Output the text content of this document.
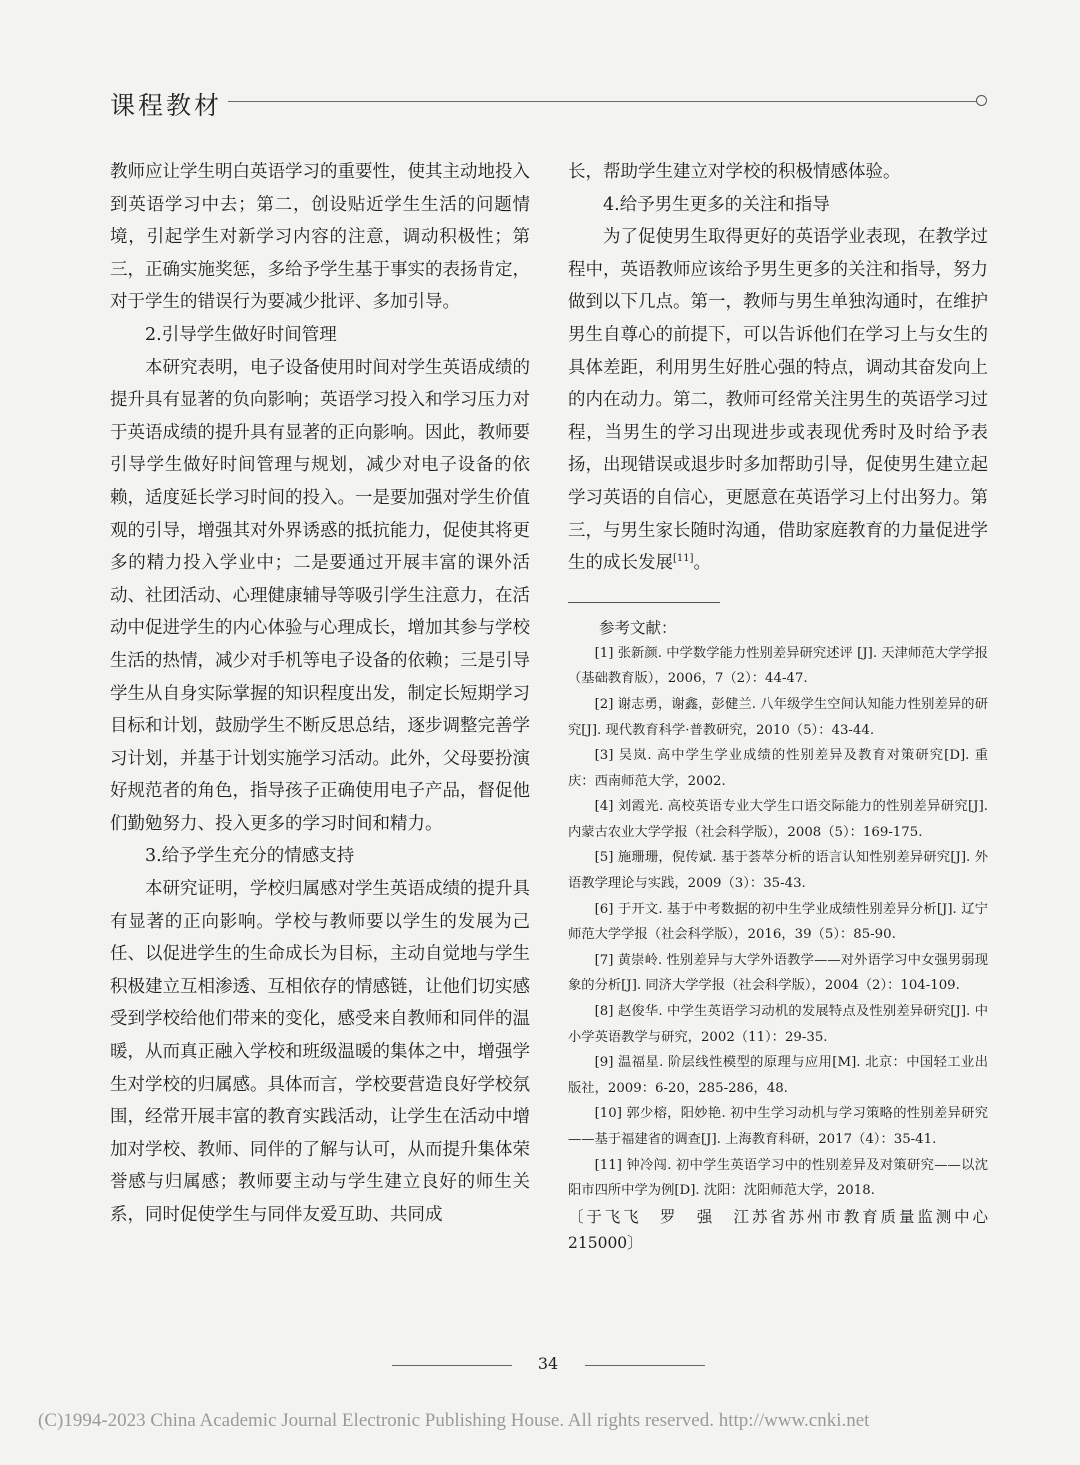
课程教材

教师应让学生明白英语学习的重要性，使其主动地投入到英语学习中去；第二，创设贴近学生生活的问题情境，引起学生对新学习内容的注意，调动积极性；第三，正确实施奖惩，多给予学生基于事实的表扬肯定，对于学生的错误行为要减少批评、多加引导。

2.引导学生做好时间管理

本研究表明，电子设备使用时间对学生英语成绩的提升具有显著的负向影响；英语学习投入和学习压力对于英语成绩的提升具有显著的正向影响。因此，教师要引导学生做好时间管理与规划，减少对电子设备的依赖，适度延长学习时间的投入。一是要加强对学生价值观的引导，增强其对外界诱惑的抵抗能力，促使其将更多的精力投入学业中；二是要通过开展丰富的课外活动、社团活动、心理健康辅导等吸引学生注意力，在活动中促进学生的内心体验与心理成长，增加其参与学校生活的热情，减少对手机等电子设备的依赖；三是引导学生从自身实际掌握的知识程度出发，制定长短期学习目标和计划，鼓励学生不断反思总结，逐步调整完善学习计划，并基于计划实施学习活动。此外，父母要扮演好规范者的角色，指导孩子正确使用电子产品，督促他们勤勉努力、投入更多的学习时间和精力。

3.给予学生充分的情感支持

本研究证明，学校归属感对学生英语成绩的提升具有显著的正向影响。学校与教师要以学生的发展为己任、以促进学生的生命成长为目标，主动自觉地与学生积极建立互相渗透、互相依存的情感链，让他们切实感受到学校给他们带来的变化，感受来自教师和同伴的温暖，从而真正融入学校和班级温暖的集体之中，增强学生对学校的归属感。具体而言，学校要营造良好学校氛围，经常开展丰富的教育实践活动，让学生在活动中增加对学校、教师、同伴的了解与认可，从而提升集体荣誉感与归属感；教师要主动与学生建立良好的师生关系，同时促使学生与同伴友爱互助、共同成

长，帮助学生建立对学校的积极情感体验。

4.给予男生更多的关注和指导

为了促使男生取得更好的英语学业表现，在教学过程中，英语教师应该给予男生更多的关注和指导，努力做到以下几点。第一，教师与男生单独沟通时，在维护男生自尊心的前提下，可以告诉他们在学习上与女生的具体差距，利用男生好胜心强的特点，调动其奋发向上的内在动力。第二，教师可经常关注男生的英语学习过程，当男生的学习出现进步或表现优秀时及时给予表扬，出现错误或退步时多加帮助引导，促使男生建立起学习英语的自信心，更愿意在英语学习上付出努力。第三，与男生家长随时沟通，借助家庭教育的力量促进学生的成长发展[11]。

参考文献：

[1] 张新颜. 中学数学能力性别差异研究述评 [J]. 天津师范大学学报（基础教育版），2006，7（2）：44-47.

[2] 谢志勇，谢鑫，彭健兰. 八年级学生空间认知能力性别差异的研究[J]. 现代教育科学·普教研究，2010（5）：43-44.

[3] 吴岚. 高中学生学业成绩的性别差异及教育对策研究[D]. 重庆：西南师范大学，2002.

[4] 刘霞光. 高校英语专业大学生口语交际能力的性别差异研究[J]. 内蒙古农业大学学报（社会科学版），2008（5）：169-175.

[5] 施珊珊，倪传斌. 基于荟萃分析的语言认知性别差异研究[J]. 外语教学理论与实践，2009（3）：35-43.

[6] 于开文. 基于中考数据的初中生学业成绩性别差异分析[J]. 辽宁师范大学学报（社会科学版），2016，39（5）：85-90.

[7] 黄崇岭. 性别差异与大学外语教学——对外语学习中女强男弱现象的分析[J]. 同济大学学报（社会科学版），2004（2）：104-109.

[8] 赵俊华. 中学生英语学习动机的发展特点及性别差异研究[J]. 中小学英语教学与研究，2002（11）：29-35.

[9] 温福星. 阶层线性模型的原理与应用[M]. 北京：中国轻工业出版社，2009：6-20，285-286，48.

[10] 郭少榕，阳妙艳. 初中生学习动机与学习策略的性别差异研究——基于福建省的调查[J]. 上海教育科研，2017（4）：35-41.

[11] 钟冷闯. 初中学生英语学习中的性别差异及对策研究——以沈阳市四所中学为例[D]. 沈阳：沈阳师范大学，2018.

〔于飞飞　罗　强　江苏省苏州市教育质量监测中心　215000〕

34
(C)1994-2023 China Academic Journal Electronic Publishing House. All rights reserved. http://www.cnki.net
